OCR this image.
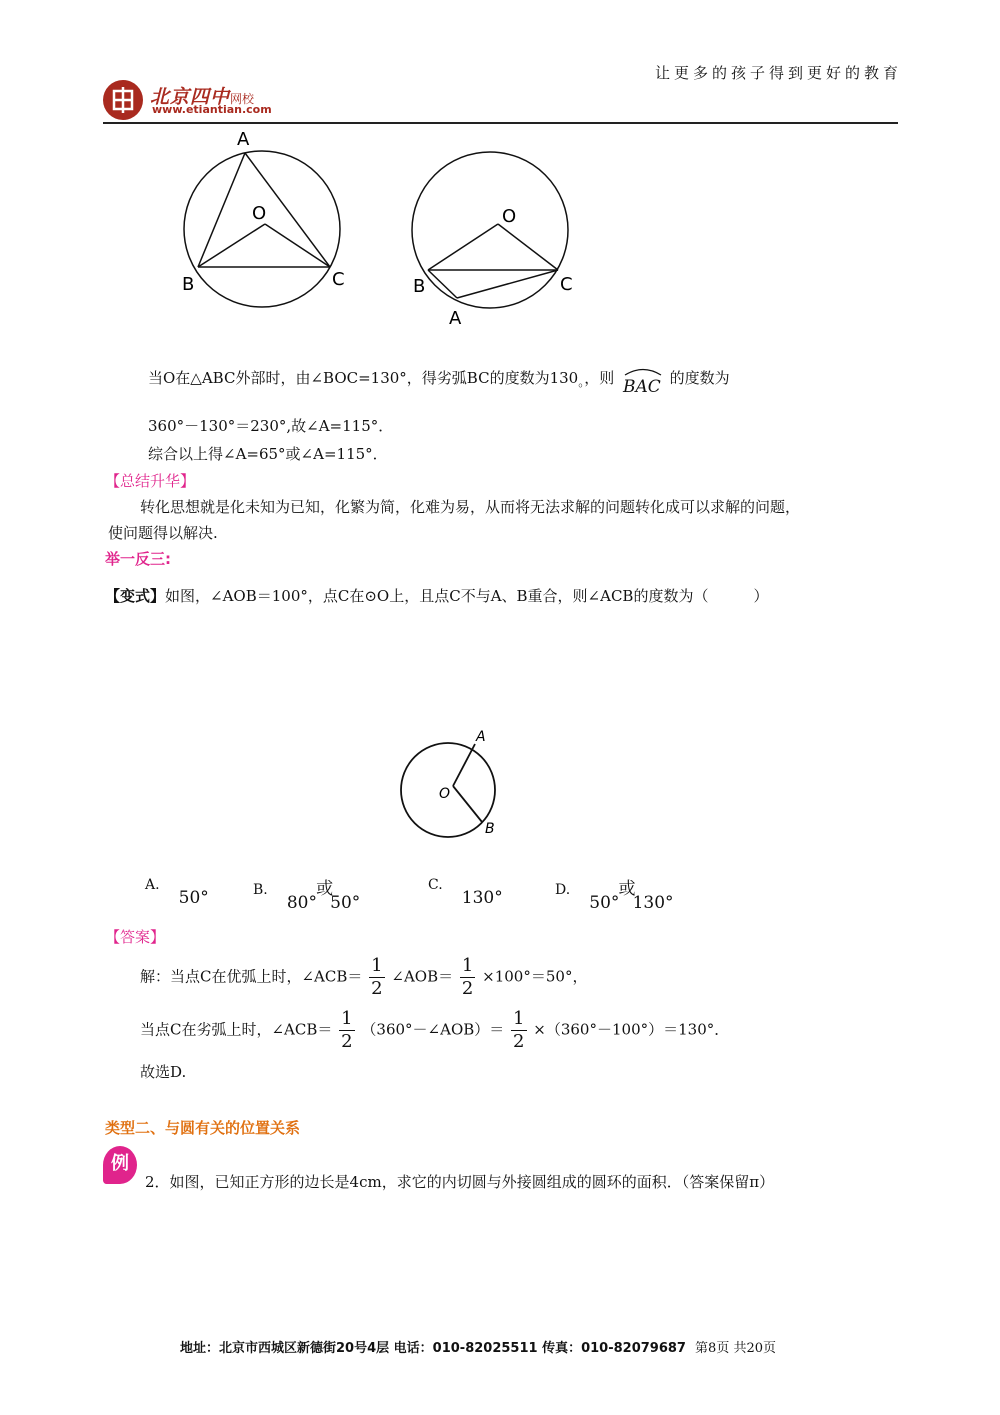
让更多的孩子得到更好的教育
北京四中网校
www.etiantian.com
A
O
B	C
O
B	C
A
当O在△ABC外部时，由∠BOC=130°，得劣弧BC的度数为$130_。$，则 BAC 的度数为
360°－130°＝230°,故∠A=115°．
综合以上得∠A=65°或∠A=115°．
【总结升华】
转化思想就是化未知为已知，化繁为简，化难为易，从而将无法求解的问题转化成可以求解的问题，
使问题得以解决.
举一反三:
【变式】如图，∠AOB＝100°，点C在⊙O上，且点C不与A、B重合，则∠ACB的度数为（　　　）
A
O
B
A. 50°	B. 80° 或 50°
C. 130°	D. 50° 或 130°
【答案】
解：当点C在优弧上时，∠ACB＝ $\frac{1}{2}$ ∠AOB＝ $\frac{1}{2} \times 100^\circ=50^\circ$，
当点C在劣弧上时，∠ACB＝ $\frac{1}{2}$ （360°－∠AOB）＝ $\frac{1}{2} \times(360^\circ-100^\circ)=130^\circ$．
故选D.
类型二、与圆有关的位置关系
例
2．如图，已知正方形的边长是4cm，求它的内切圆与外接圆组成的圆环的面积．（答案保留π）
地址：北京市西城区新德街20号4层 电话：010-82025511 传真：010-82079687 第8页 共20页
